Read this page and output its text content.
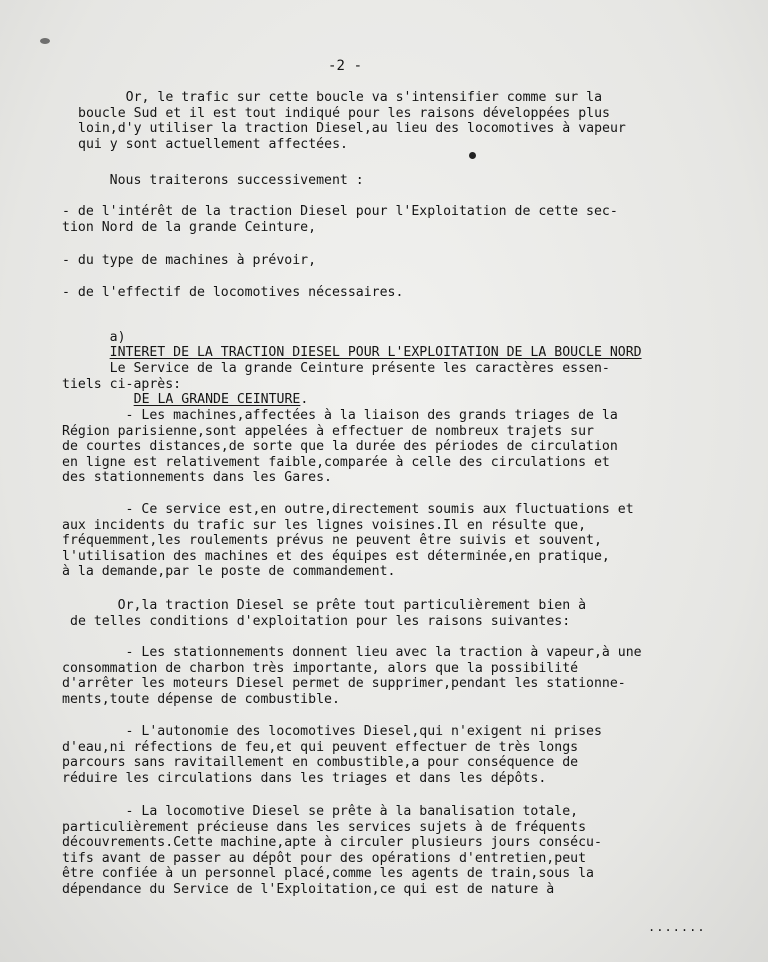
-2 -
Or, le trafic sur cette boucle va s'intensifier comme sur la
boucle Sud et il est tout indiqué pour les raisons développées plus
loin,d'y utiliser la traction Diesel,au lieu des locomotives à vapeur
qui y sont actuellement affectées.
Nous traiterons successivement :
- de l'intérêt de la traction Diesel pour l'Exploitation de cette sec-
tion Nord de la grande Ceinture,
- du type de machines à prévoir,
- de l'effectif de locomotives nécessaires.

a)
INTERET DE LA TRACTION DIESEL POUR L'EXPLOITATION DE LA BOUCLE NORD

DE LA GRANDE CEINTURE.

Le Service de la grande Ceinture présente les caractères essen-
tiels ci-après:
- Les machines,affectées à la liaison des grands triages de la
Région parisienne,sont appelées à effectuer de nombreux trajets sur
de courtes distances,de sorte que la durée des périodes de circulation
en ligne est relativement faible,comparée à celle des circulations et
des stationnements dans les Gares.
- Ce service est,en outre,directement soumis aux fluctuations et
aux incidents du trafic sur les lignes voisines.Il en résulte que,
fréquemment,les roulements prévus ne peuvent être suivis et souvent,
l'utilisation des machines et des équipes est déterminée,en pratique,
à la demande,par le poste de commandement.
Or,la traction Diesel se prête tout particulièrement bien à
de telles conditions d'exploitation pour les raisons suivantes:
- Les stationnements donnent lieu avec la traction à vapeur,à une
consommation de charbon très importante, alors que la possibilité
d'arrêter les moteurs Diesel permet de supprimer,pendant les stationne-
ments,toute dépense de combustible.
- L'autonomie des locomotives Diesel,qui n'exigent ni prises
d'eau,ni réfections de feu,et qui peuvent effectuer de très longs
parcours sans ravitaillement en combustible,a pour conséquence de
réduire les circulations dans les triages et dans les dépôts.
- La locomotive Diesel se prête à la banalisation totale,
particulièrement précieuse dans les services sujets à de fréquents
découvrements.Cette machine,apte à circuler plusieurs jours consécu-
tifs avant de passer au dépôt pour des opérations d'entretien,peut
être confiée à un personnel placé,comme les agents de train,sous la
dépendance du Service de l'Exploitation,ce qui est de nature à
.......
